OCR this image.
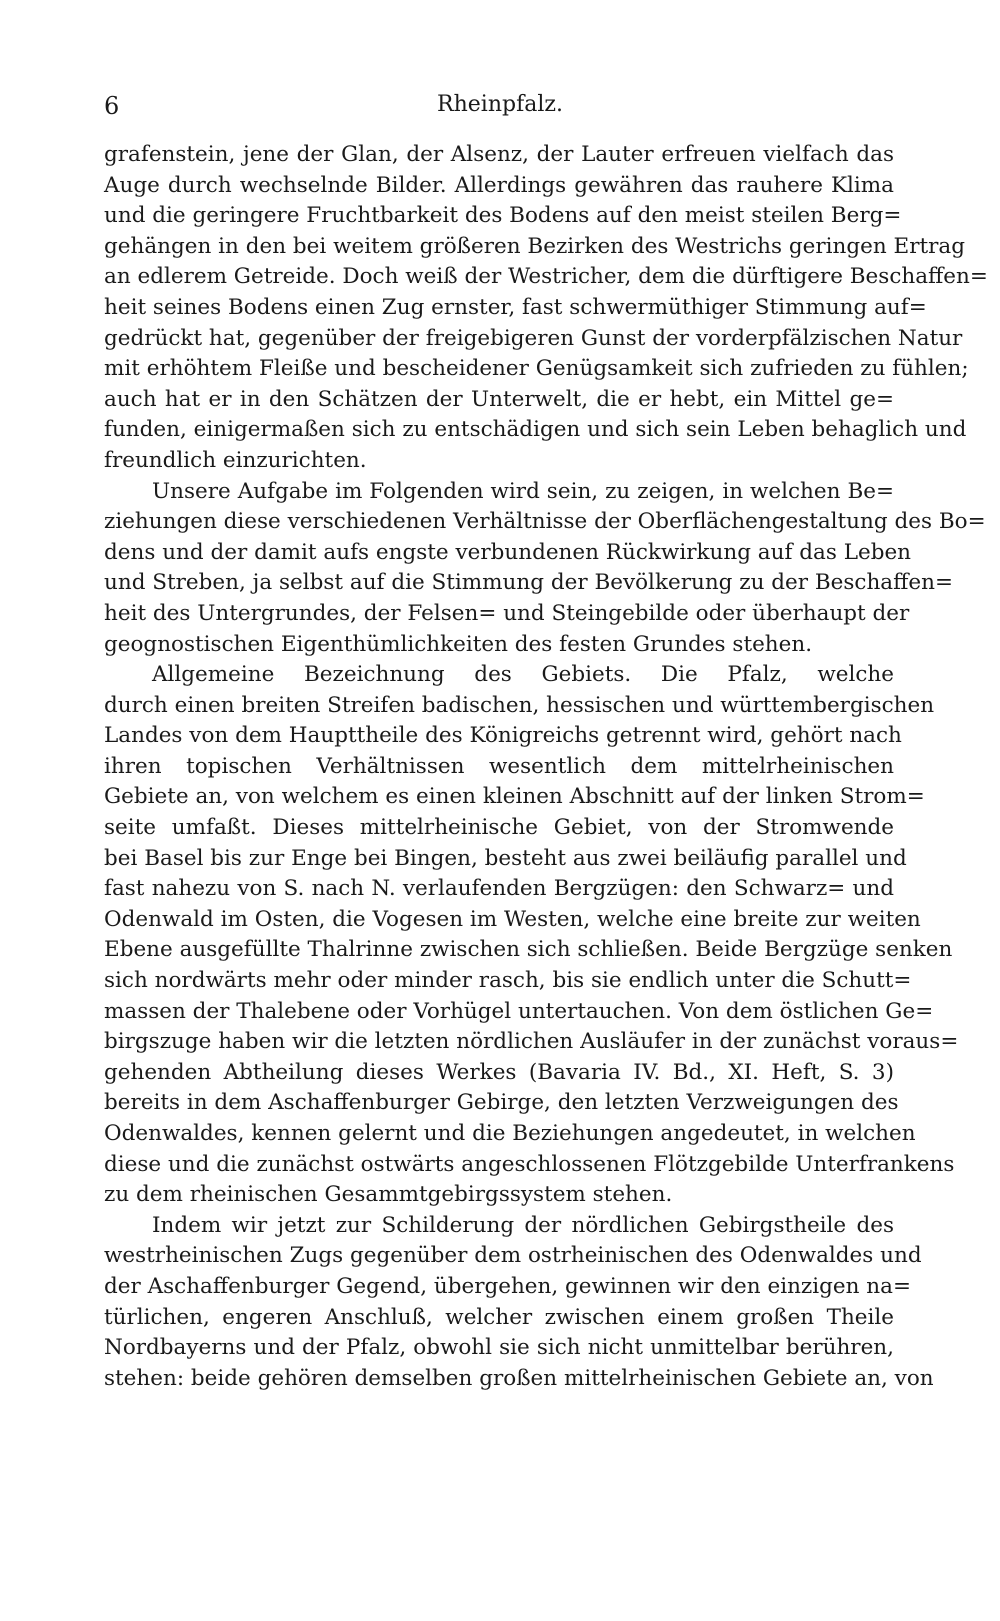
6	Rheinpfalz.
grafenstein, jene der Glan, der Alsenz, der Lauter erfreuen vielfach das
Auge durch wechselnde Bilder. Allerdings gewähren das rauhere Klima
und die geringere Fruchtbarkeit des Bodens auf den meist steilen Berg=
gehängen in den bei weitem größeren Bezirken des Westrichs geringen Ertrag
an edlerem Getreide. Doch weiß der Westricher, dem die dürftigere Beschaffen=
heit seines Bodens einen Zug ernster, fast schwermüthiger Stimmung auf=
gedrückt hat, gegenüber der freigebigeren Gunst der vorderpfälzischen Natur
mit erhöhtem Fleiße und bescheidener Genügsamkeit sich zufrieden zu fühlen;
auch hat er in den Schätzen der Unterwelt, die er hebt, ein Mittel ge=
funden, einigermaßen sich zu entschädigen und sich sein Leben behaglich und
freundlich einzurichten.
Unsere Aufgabe im Folgenden wird sein, zu zeigen, in welchen Be=
ziehungen diese verschiedenen Verhältnisse der Oberflächengestaltung des Bo=
dens und der damit aufs engste verbundenen Rückwirkung auf das Leben
und Streben, ja selbst auf die Stimmung der Bevölkerung zu der Beschaffen=
heit des Untergrundes, der Felsen= und Steingebilde oder überhaupt der
geognostischen Eigenthümlichkeiten des festen Grundes stehen.
Allgemeine Bezeichnung des Gebiets. Die Pfalz, welche
durch einen breiten Streifen badischen, hessischen und württembergischen
Landes von dem Haupttheile des Königreichs getrennt wird, gehört nach
ihren topischen Verhältnissen wesentlich dem mittelrheinischen
Gebiete an, von welchem es einen kleinen Abschnitt auf der linken Strom=
seite umfaßt. Dieses mittelrheinische Gebiet, von der Stromwende
bei Basel bis zur Enge bei Bingen, besteht aus zwei beiläufig parallel und
fast nahezu von S. nach N. verlaufenden Bergzügen: den Schwarz= und
Odenwald im Osten, die Vogesen im Westen, welche eine breite zur weiten
Ebene ausgefüllte Thalrinne zwischen sich schließen. Beide Bergzüge senken
sich nordwärts mehr oder minder rasch, bis sie endlich unter die Schutt=
massen der Thalebene oder Vorhügel untertauchen. Von dem östlichen Ge=
birgszuge haben wir die letzten nördlichen Ausläufer in der zunächst voraus=
gehenden Abtheilung dieses Werkes (Bavaria IV. Bd., XI. Heft, S. 3)
bereits in dem Aschaffenburger Gebirge, den letzten Verzweigungen des
Odenwaldes, kennen gelernt und die Beziehungen angedeutet, in welchen
diese und die zunächst ostwärts angeschlossenen Flötzgebilde Unterfrankens
zu dem rheinischen Gesammtgebirgssystem stehen.
Indem wir jetzt zur Schilderung der nördlichen Gebirgstheile des
westrheinischen Zugs gegenüber dem ostrheinischen des Odenwaldes und
der Aschaffenburger Gegend, übergehen, gewinnen wir den einzigen na=
türlichen, engeren Anschluß, welcher zwischen einem großen Theile
Nordbayerns und der Pfalz, obwohl sie sich nicht unmittelbar berühren,
stehen: beide gehören demselben großen mittelrheinischen Gebiete an, von
